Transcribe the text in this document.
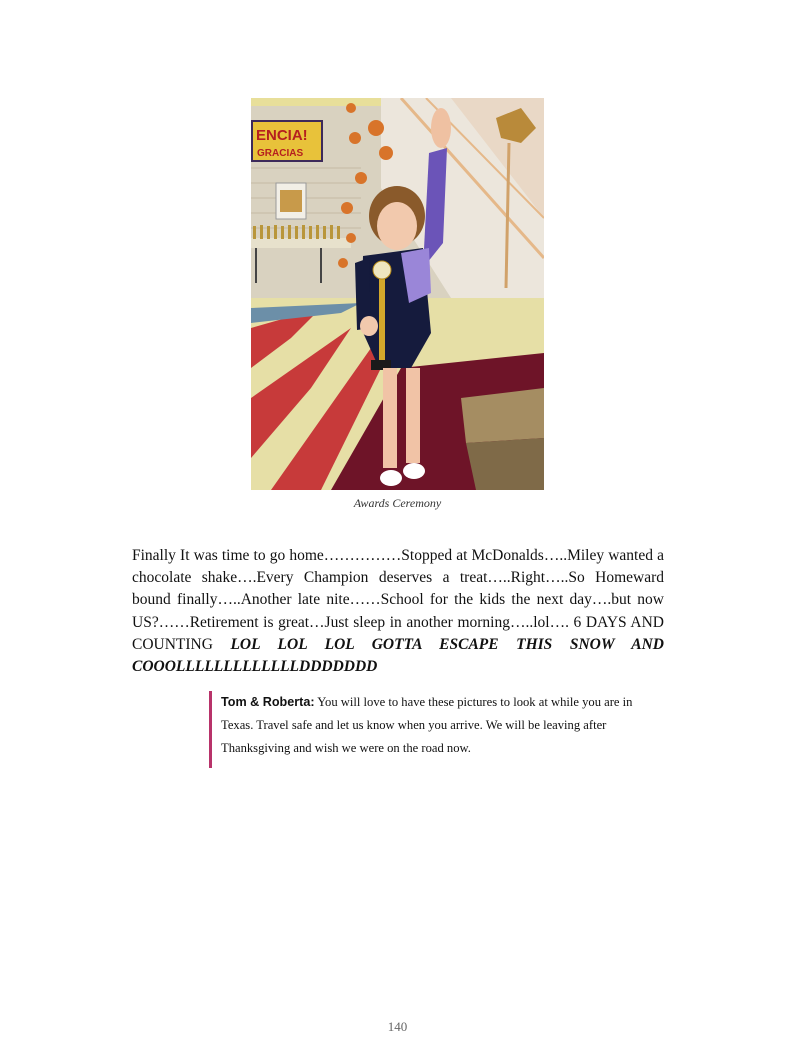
ENCIA!
GRACIAS
Awards Ceremony

Finally It was time to go home……………Stopped at McDonalds…..Miley wanted a chocolate shake….Every Champion deserves a treat…..Right…..So Homeward bound finally…..Another late nite……School for the kids the next day….but now US?……Retirement is great…Just sleep in another morning…..lol…. 6 DAYS AND COUNTING LOL LOL LOL GOTTA ESCAPE THIS SNOW AND COOOLLLLLLLLLLLLLDDDDDDD

Tom & Roberta: You will love to have these pictures to look at while you are in Texas. Travel safe and let us know when you arrive. We will be leaving after Thanksgiving and wish we were on the road now.
140
